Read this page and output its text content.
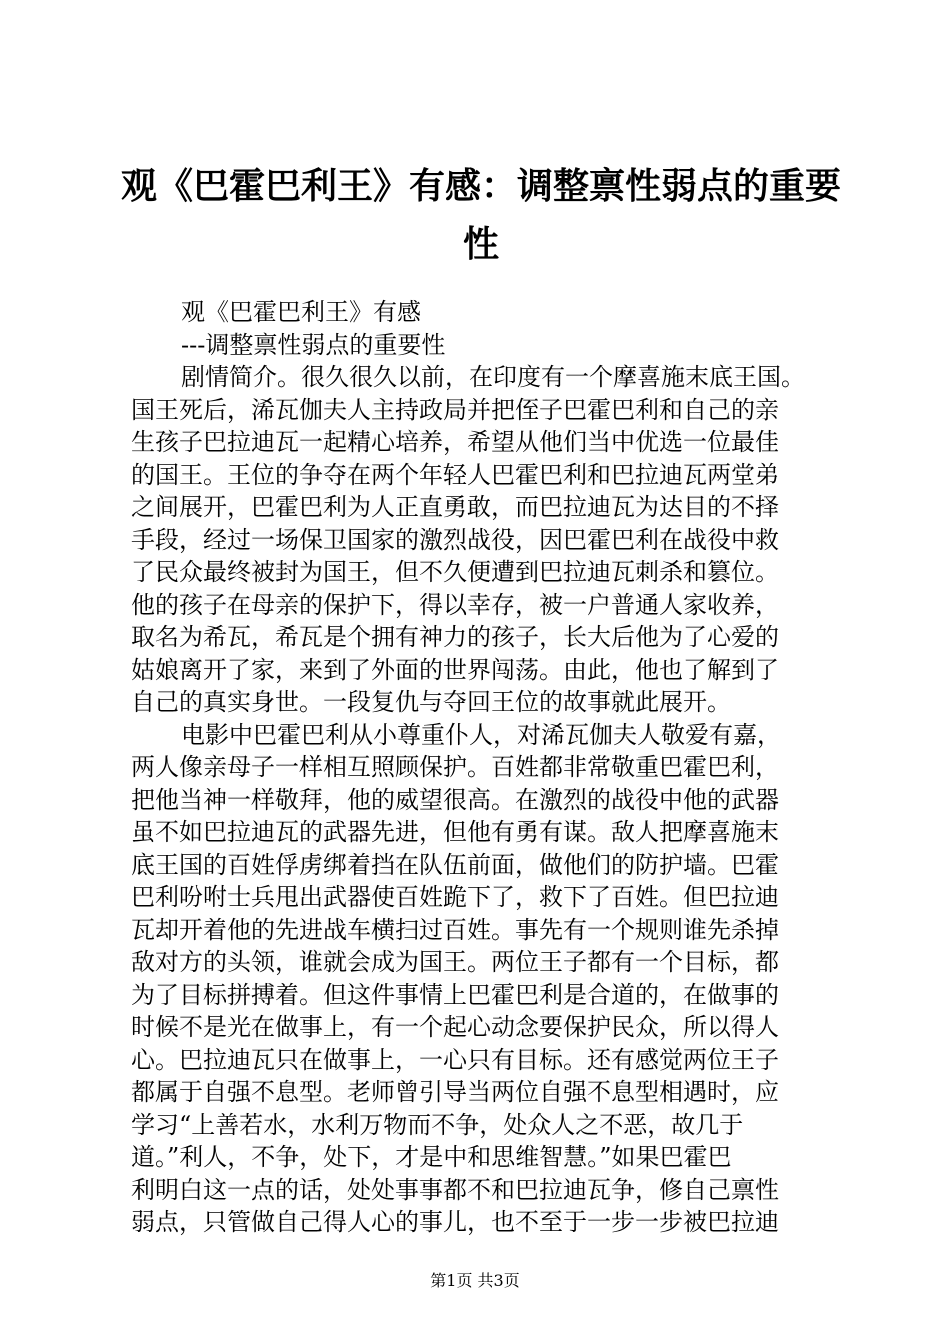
观《巴霍巴利王》有感：调整禀性弱点的重要性
观《巴霍巴利王》有感
---调整禀性弱点的重要性
剧情简介。很久很久以前，在印度有一个摩喜施末底王国。
国王死后，浠瓦伽夫人主持政局并把侄子巴霍巴利和自己的亲
生孩子巴拉迪瓦一起精心培养，希望从他们当中优选一位最佳
的国王。王位的争夺在两个年轻人巴霍巴利和巴拉迪瓦两堂弟
之间展开，巴霍巴利为人正直勇敢，而巴拉迪瓦为达目的不择
手段，经过一场保卫国家的激烈战役，因巴霍巴利在战役中救
了民众最终被封为国王，但不久便遭到巴拉迪瓦刺杀和篡位。
他的孩子在母亲的保护下，得以幸存，被一户普通人家收养，
取名为希瓦，希瓦是个拥有神力的孩子，长大后他为了心爱的
姑娘离开了家，来到了外面的世界闯荡。由此，他也了解到了
自己的真实身世。一段复仇与夺回王位的故事就此展开。
电影中巴霍巴利从小尊重仆人，对浠瓦伽夫人敬爱有嘉，
两人像亲母子一样相互照顾保护。百姓都非常敬重巴霍巴利，
把他当神一样敬拜，他的威望很高。在激烈的战役中他的武器
虽不如巴拉迪瓦的武器先进，但他有勇有谋。敌人把摩喜施末
底王国的百姓俘虏绑着挡在队伍前面，做他们的防护墙。巴霍
巴利吩咐士兵甩出武器使百姓跪下了，救下了百姓。但巴拉迪
瓦却开着他的先进战车横扫过百姓。事先有一个规则谁先杀掉
敌对方的头领，谁就会成为国王。两位王子都有一个目标，都
为了目标拼搏着。但这件事情上巴霍巴利是合道的，在做事的
时候不是光在做事上，有一个起心动念要保护民众，所以得人
心。巴拉迪瓦只在做事上，一心只有目标。还有感觉两位王子
都属于自强不息型。老师曾引导当两位自强不息型相遇时，应
学习“上善若水，水利万物而不争，处众人之不恶，故几于
道。”利人，不争，处下，才是中和思维智慧。”如果巴霍巴
利明白这一点的话，处处事事都不和巴拉迪瓦争，修自己禀性
弱点，只管做自己得人心的事儿，也不至于一步一步被巴拉迪
第1页 共3页
